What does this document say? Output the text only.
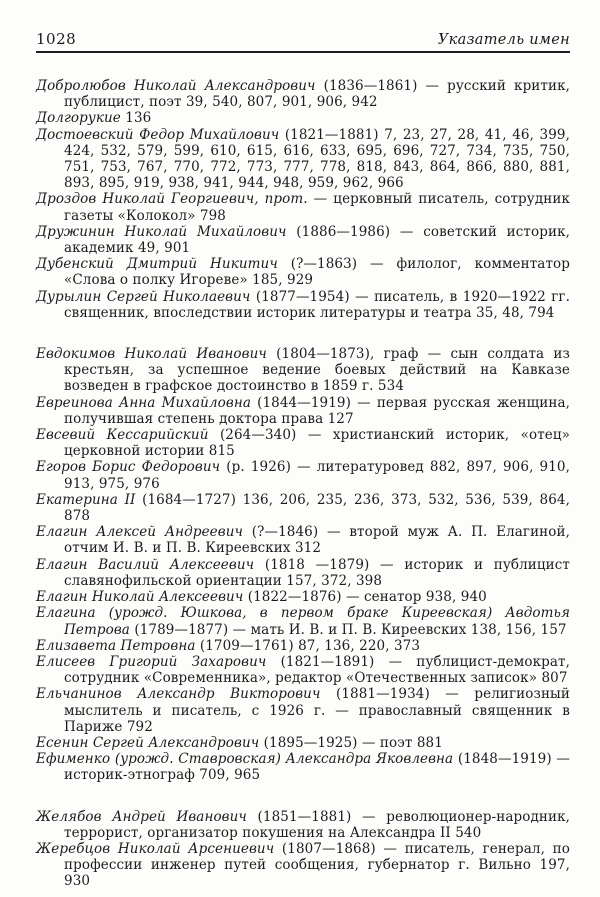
1028	Указатель имен

Добролюбов Николай Александрович (1836—1861) — русский критик, публицист, поэт 39, 540, 807, 901, 906, 942

Долгорукие 136

Достоевский Федор Михайлович (1821—1881) 7, 23, 27, 28, 41, 46, 399, 424, 532, 579, 599, 610, 615, 616, 633, 695, 696, 727, 734, 735, 750, 751, 753, 767, 770, 772, 773, 777, 778, 818, 843, 864, 866, 880, 881, 893, 895, 919, 938, 941, 944, 948, 959, 962, 966

Дроздов Николай Георгиевич, прот. — церковный писатель, сотрудник газеты «Колокол» 798

Дружинин Николай Михайлович (1886—1986) — советский историк, академик 49, 901

Дубенский Дмитрий Никитич (?—1863) — филолог, комментатор «Слова о полку Игореве» 185, 929

Дурылин Сергей Николаевич (1877—1954) — писатель, в 1920—1922 гг. священник, впоследствии историк литературы и театра 35, 48, 794

Евдокимов Николай Иванович (1804—1873), граф — сын солдата из крестьян, за успешное ведение боевых действий на Кавказе возведен в графское достоинство в 1859 г. 534

Евреинова Анна Михайловна (1844—1919) — первая русская женщина, получившая степень доктора права 127

Евсевий Кессарийский (264—340) — христианский историк, «отец» церковной истории 815

Егоров Борис Федорович (р. 1926) — литературовед 882, 897, 906, 910, 913, 975, 976

Екатерина II (1684—1727) 136, 206, 235, 236, 373, 532, 536, 539, 864, 878

Елагин Алексей Андреевич (?—1846) — второй муж А. П. Елагиной, отчим И. В. и П. В. Киреевских 312

Елагин Василий Алексеевич (1818 —1879) — историк и публицист славянофильской ориентации 157, 372, 398

Елагин Николай Алексеевич (1822—1876) — сенатор 938, 940

Елагина (урожд. Юшкова, в первом браке Киреевская) Авдотья Петрова (1789—1877) — мать И. В. и П. В. Киреевских 138, 156, 157

Елизавета Петровна (1709—1761) 87, 136, 220, 373

Елисеев Григорий Захарович (1821—1891) — публицист-демократ, сотрудник «Современника», редактор «Отечественных записок» 807

Ельчанинов Александр Викторович (1881—1934) — религиозный мыслитель и писатель, с 1926 г. — православный священник в Париже 792

Есенин Сергей Александрович (1895—1925) — поэт 881

Ефименко (урожд. Ставровская) Александра Яковлевна (1848—1919) — историк-этнограф 709, 965

Желябов Андрей Иванович (1851—1881) — революционер-народник, террорист, организатор покушения на Александра II 540

Жеребцов Николай Арсениевич (1807—1868) — писатель, генерал, по профессии инженер путей сообщения, губернатор г. Вильно 197, 930
